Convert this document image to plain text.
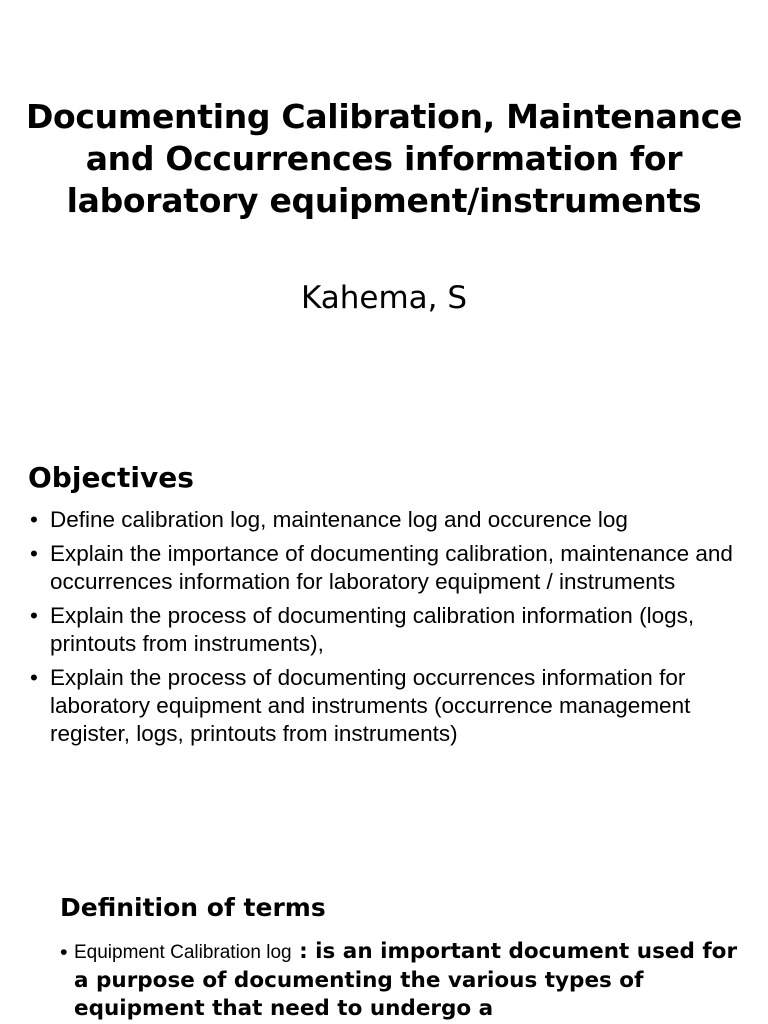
Documenting Calibration, Maintenance
and Occurrences information for
laboratory equipment/instruments

Kahema, S

Objectives
• Define calibration log, maintenance log and occurence log
• Explain the importance of documenting calibration, maintenance and occurrences information for laboratory equipment / instruments
• Explain the process of documenting calibration information (logs, printouts from instruments),
• Explain the process of documenting occurrences information for laboratory equipment and instruments (occurrence management register, logs, printouts from instruments)
Definition of terms

• Equipment Calibration log : is an important document used for a purpose of documenting the various types of equipment that need to undergo a
